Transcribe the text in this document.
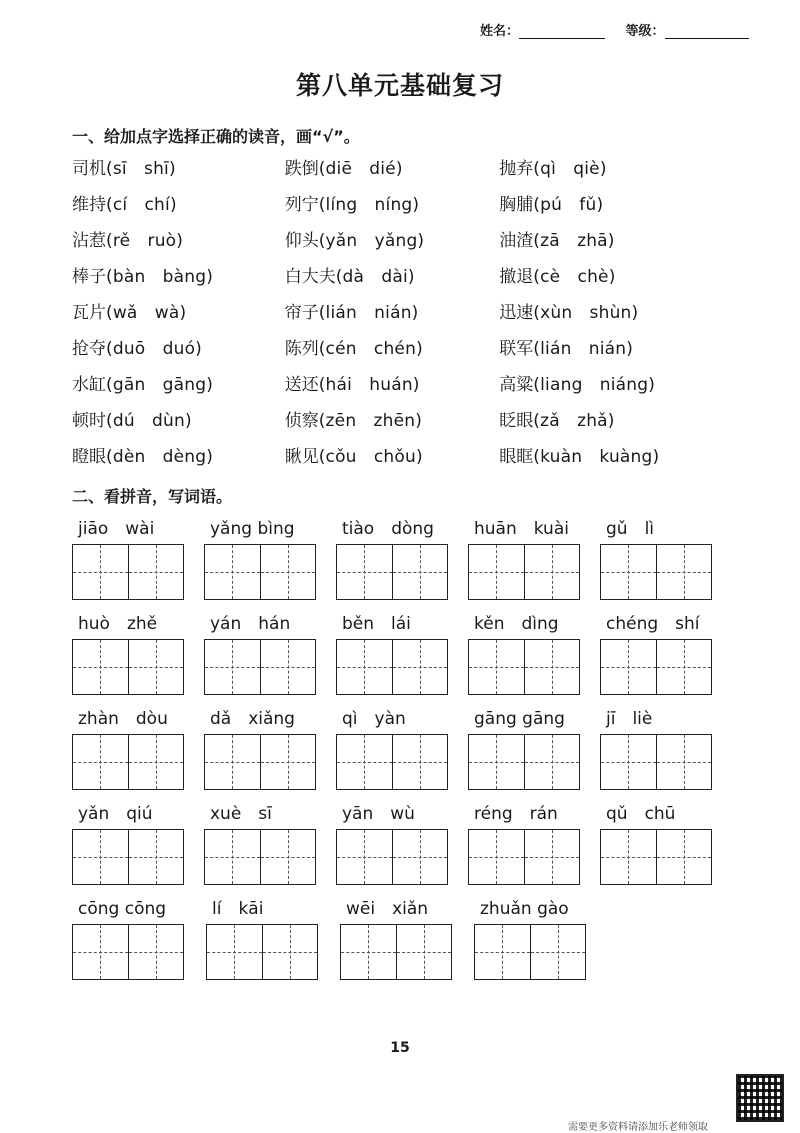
姓名：	等级：
第八单元基础复习
一、给加点字选择正确的读音，画“√”。
司机(sī　shī)	跌倒(diē　dié)	抛弃(qì　qiè)
维持(cí　chí)	列宁(líng　níng)	胸脯(pú　fǔ)
沾惹(rě　ruò)	仰头(yǎn　yǎng)	油渣(zā　zhā)
棒子(bàn　bàng)	白大夫(dà　dài)	撤退(cè　chè)
瓦片(wǎ　wà)	帘子(lián　nián)	迅速(xùn　shùn)
抢夺(duō　duó)	陈列(cén　chén)	联军(lián　nián)
水缸(gān　gāng)	送还(hái　huán)	高粱(liang　niáng)
顿时(dú　dùn)	侦察(zēn　zhēn)	眨眼(zǎ　zhǎ)
瞪眼(dèn　dèng)	瞅见(cǒu　chǒu)	眼眶(kuàn　kuàng)
二、看拼音，写词语。
jiāo　wài	yǎng bìng	tiào　dòng	huān　kuài	gǔ　lì
huò　zhě	yán　hán	běn　lái	kěn　dìng	chéng　shí
zhàn　dòu	dǎ　xiǎng	qì　yàn	gāng gāng	jī　liè
yǎn　qiú	xuè　sī	yān　wù	réng　rán	qǔ　chū
cōng cōng	lí　kāi	wēi　xiǎn	zhuǎn gào
15
需要更多资料请添加乐老师领取
